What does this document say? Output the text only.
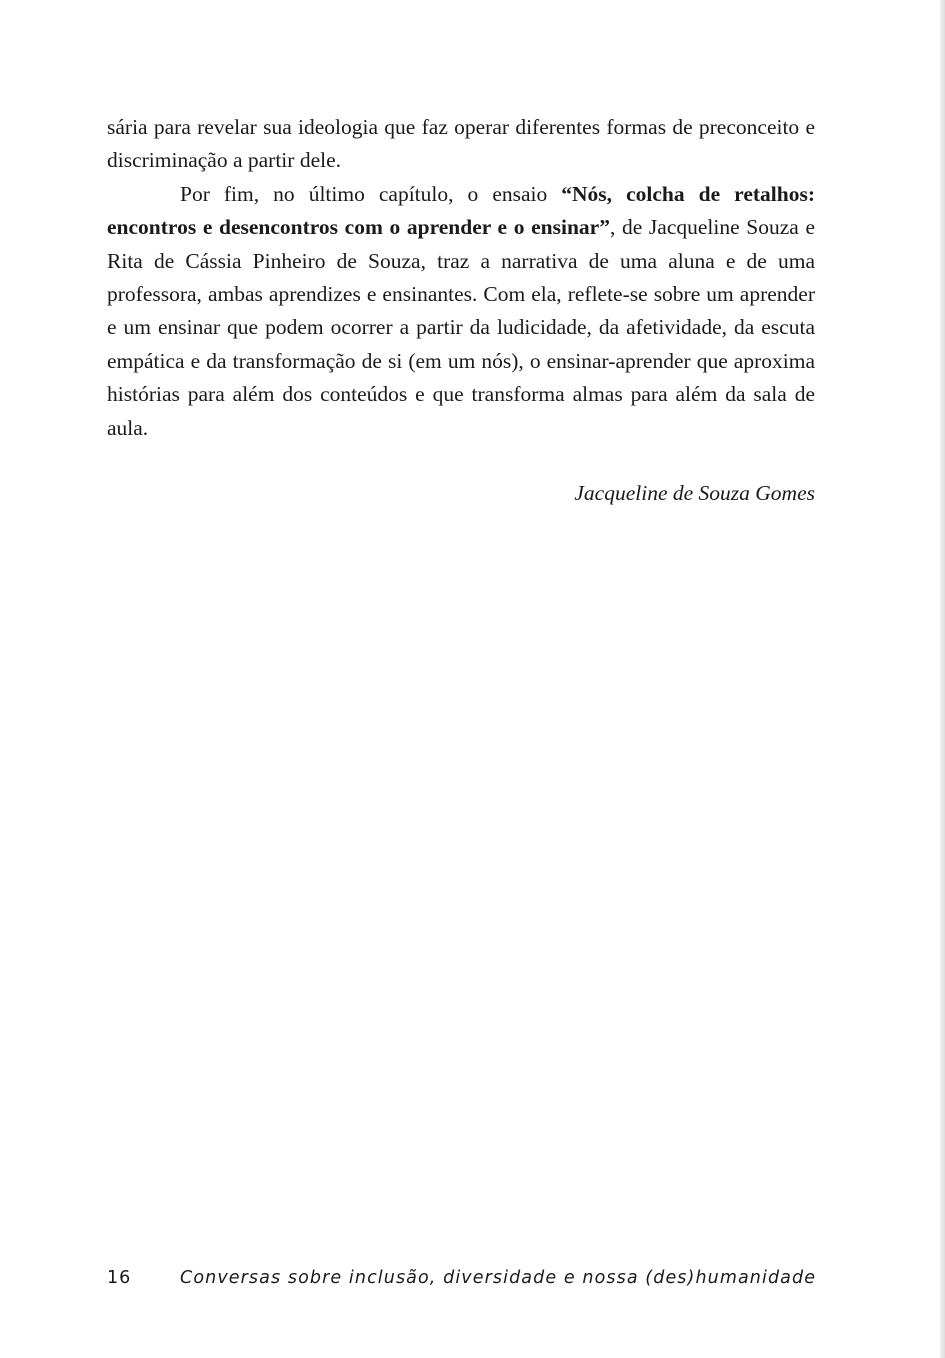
sária para revelar sua ideologia que faz operar diferentes formas de preconceito e discriminação a partir dele.

Por fim, no último capítulo, o ensaio “Nós, colcha de retalhos: encontros e desencontros com o aprender e o ensinar”, de Jacqueline Souza e Rita de Cássia Pinheiro de Souza, traz a narrativa de uma aluna e de uma professora, ambas aprendizes e ensinantes. Com ela, reflete-se sobre um aprender e um ensinar que podem ocorrer a partir da ludicidade, da afetividade, da escuta empática e da transformação de si (em um nós), o ensinar-aprender que aproxima histórias para além dos conteúdos e que transforma almas para além da sala de aula.

Jacqueline de Souza Gomes
16	Conversas sobre inclusão, diversidade e nossa (des)humanidade
